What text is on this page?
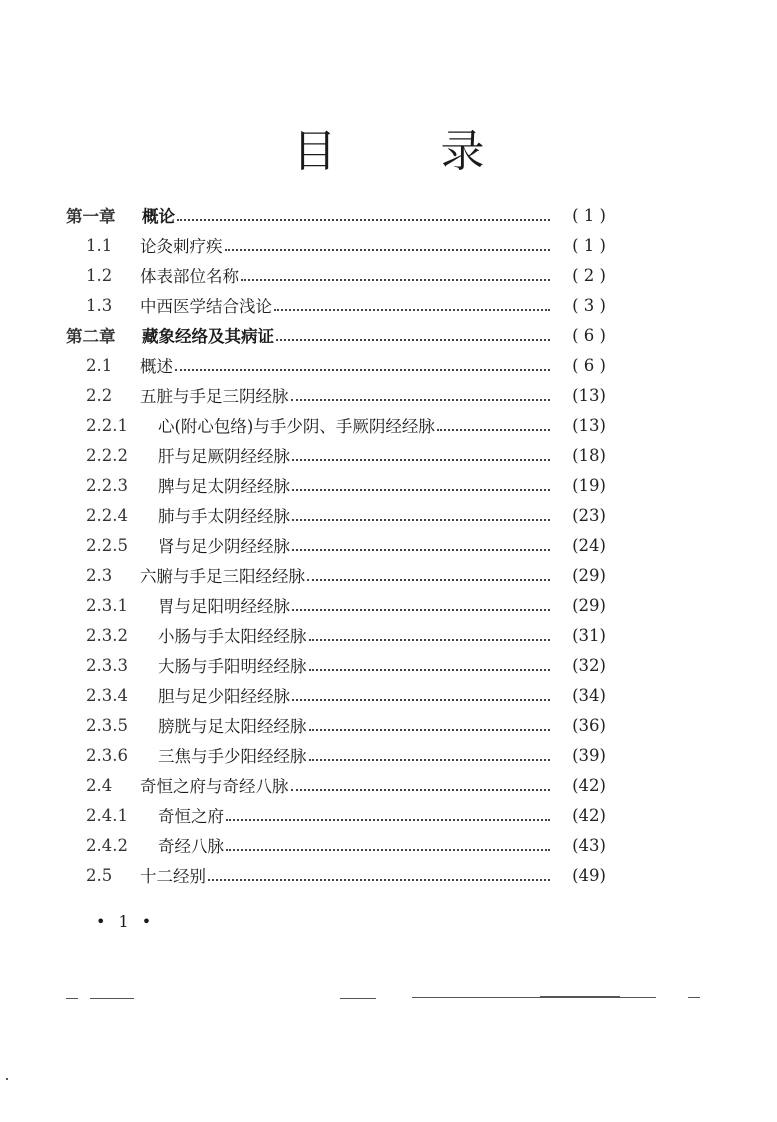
目 录
第一章	概论	( 1 )
1.1	论灸刺疗疾	( 1 )
1.2	体表部位名称	( 2 )
1.3	中西医学结合浅论	( 3 )
第二章	藏象经络及其病证	( 6 )
2.1	概述	( 6 )
2.2	五脏与手足三阴经脉	(13)
2.2.1	心(附心包络)与手少阴、手厥阴经经脉	(13)
2.2.2	肝与足厥阴经经脉	(18)
2.2.3	脾与足太阴经经脉	(19)
2.2.4	肺与手太阴经经脉	(23)
2.2.5	肾与足少阴经经脉	(24)
2.3	六腑与手足三阳经经脉	(29)
2.3.1	胃与足阳明经经脉	(29)
2.3.2	小肠与手太阳经经脉	(31)
2.3.3	大肠与手阳明经经脉	(32)
2.3.4	胆与足少阳经经脉	(34)
2.3.5	膀胱与足太阳经经脉	(36)
2.3.6	三焦与手少阳经经脉	(39)
2.4	奇恒之府与奇经八脉	(42)
2.4.1	奇恒之府	(42)
2.4.2	奇经八脉	(43)
2.5	十二经别	(49)
• 1 •
